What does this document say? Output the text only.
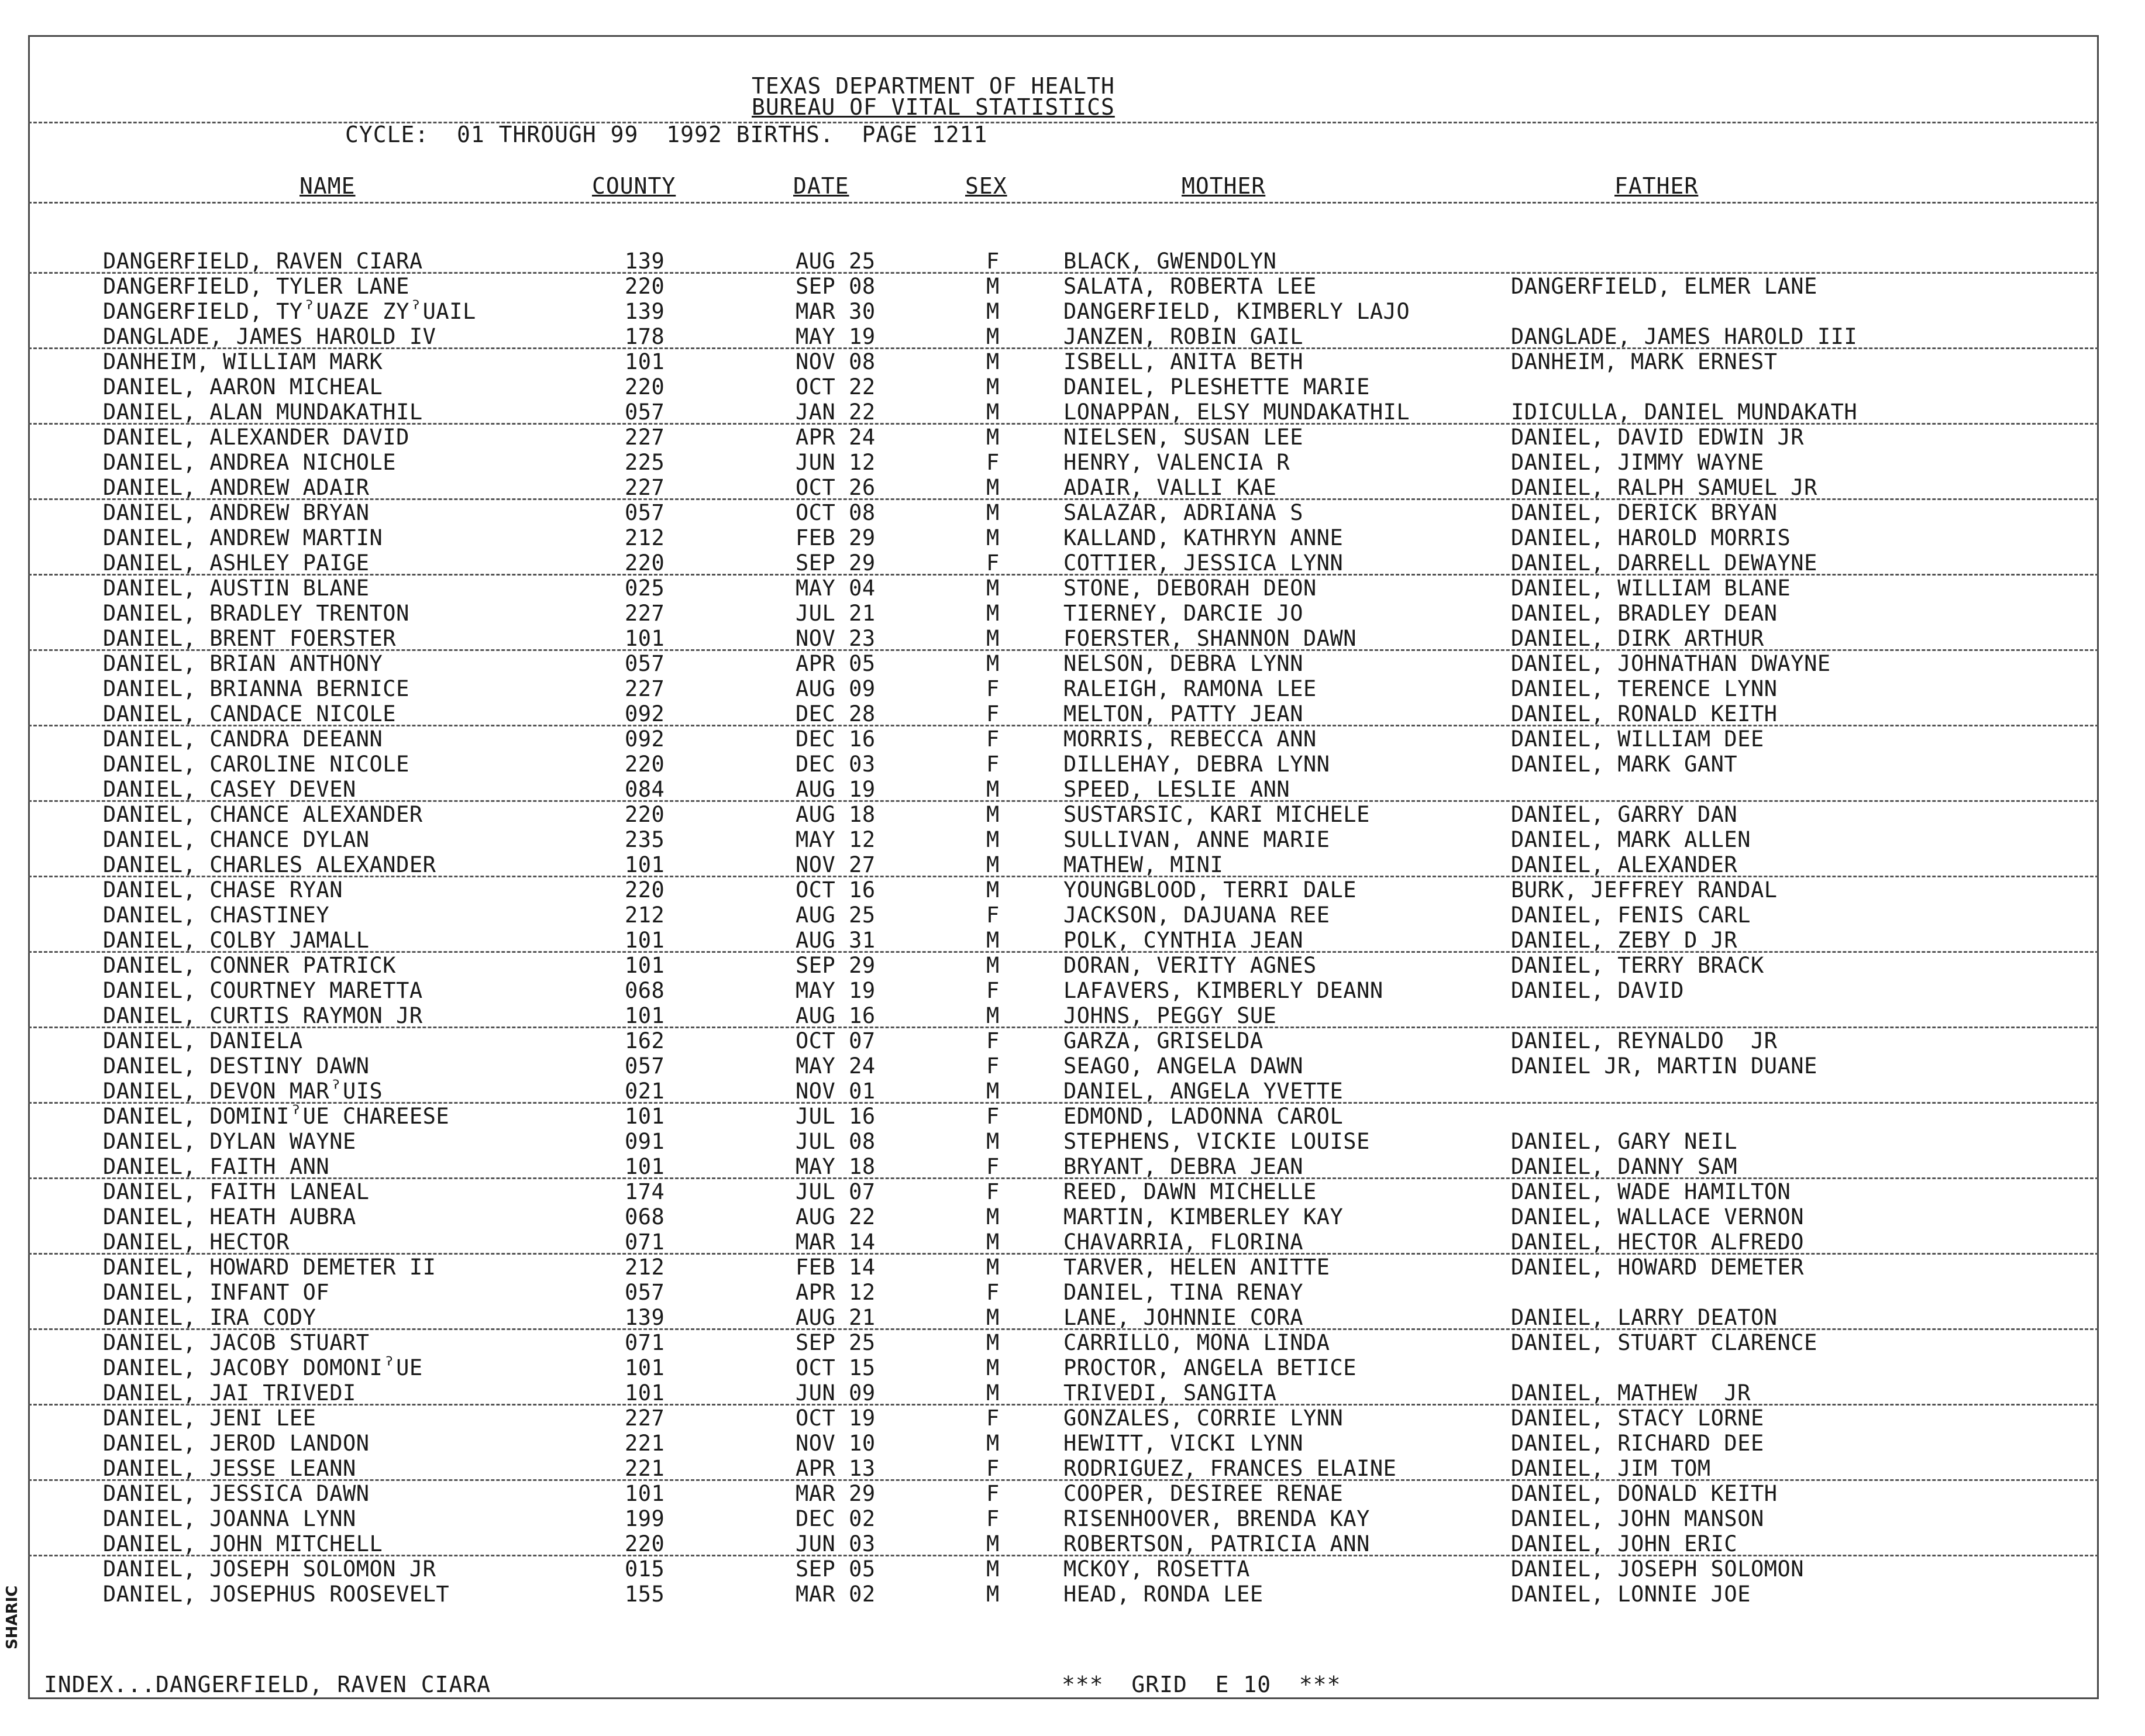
TEXAS DEPARTMENT OF HEALTH
BUREAU OF VITAL STATISTICS
CYCLE:  01 THROUGH 99  1992 BIRTHS.  PAGE 1211
NAME	COUNTY	DATE	SEX	MOTHER	FATHER
DANGERFIELD, RAVEN CIARA	139	AUG 25	F	BLACK, GWENDOLYN
DANGERFIELD, TYLER LANE	220	SEP 08	M	SALATA, ROBERTA LEE	DANGERFIELD, ELMER LANE
DANGERFIELD, TYˀUAZE ZYˀUAIL	139	MAR 30	M	DANGERFIELD, KIMBERLY LAJO
DANGLADE, JAMES HAROLD IV	178	MAY 19	M	JANZEN, ROBIN GAIL	DANGLADE, JAMES HAROLD III
DANHEIM, WILLIAM MARK	101	NOV 08	M	ISBELL, ANITA BETH	DANHEIM, MARK ERNEST
DANIEL, AARON MICHEAL	220	OCT 22	M	DANIEL, PLESHETTE MARIE
DANIEL, ALAN MUNDAKATHIL	057	JAN 22	M	LONAPPAN, ELSY MUNDAKATHIL	IDICULLA, DANIEL MUNDAKATH
DANIEL, ALEXANDER DAVID	227	APR 24	M	NIELSEN, SUSAN LEE	DANIEL, DAVID EDWIN JR
DANIEL, ANDREA NICHOLE	225	JUN 12	F	HENRY, VALENCIA R	DANIEL, JIMMY WAYNE
DANIEL, ANDREW ADAIR	227	OCT 26	M	ADAIR, VALLI KAE	DANIEL, RALPH SAMUEL JR
DANIEL, ANDREW BRYAN	057	OCT 08	M	SALAZAR, ADRIANA S	DANIEL, DERICK BRYAN
DANIEL, ANDREW MARTIN	212	FEB 29	M	KALLAND, KATHRYN ANNE	DANIEL, HAROLD MORRIS
DANIEL, ASHLEY PAIGE	220	SEP 29	F	COTTIER, JESSICA LYNN	DANIEL, DARRELL DEWAYNE
DANIEL, AUSTIN BLANE	025	MAY 04	M	STONE, DEBORAH DEON	DANIEL, WILLIAM BLANE
DANIEL, BRADLEY TRENTON	227	JUL 21	M	TIERNEY, DARCIE JO	DANIEL, BRADLEY DEAN
DANIEL, BRENT FOERSTER	101	NOV 23	M	FOERSTER, SHANNON DAWN	DANIEL, DIRK ARTHUR
DANIEL, BRIAN ANTHONY	057	APR 05	M	NELSON, DEBRA LYNN	DANIEL, JOHNATHAN DWAYNE
DANIEL, BRIANNA BERNICE	227	AUG 09	F	RALEIGH, RAMONA LEE	DANIEL, TERENCE LYNN
DANIEL, CANDACE NICOLE	092	DEC 28	F	MELTON, PATTY JEAN	DANIEL, RONALD KEITH
DANIEL, CANDRA DEEANN	092	DEC 16	F	MORRIS, REBECCA ANN	DANIEL, WILLIAM DEE
DANIEL, CAROLINE NICOLE	220	DEC 03	F	DILLEHAY, DEBRA LYNN	DANIEL, MARK GANT
DANIEL, CASEY DEVEN	084	AUG 19	M	SPEED, LESLIE ANN
DANIEL, CHANCE ALEXANDER	220	AUG 18	M	SUSTARSIC, KARI MICHELE	DANIEL, GARRY DAN
DANIEL, CHANCE DYLAN	235	MAY 12	M	SULLIVAN, ANNE MARIE	DANIEL, MARK ALLEN
DANIEL, CHARLES ALEXANDER	101	NOV 27	M	MATHEW, MINI	DANIEL, ALEXANDER
DANIEL, CHASE RYAN	220	OCT 16	M	YOUNGBLOOD, TERRI DALE	BURK, JEFFREY RANDAL
DANIEL, CHASTINEY	212	AUG 25	F	JACKSON, DAJUANA REE	DANIEL, FENIS CARL
DANIEL, COLBY JAMALL	101	AUG 31	M	POLK, CYNTHIA JEAN	DANIEL, ZEBY D JR
DANIEL, CONNER PATRICK	101	SEP 29	M	DORAN, VERITY AGNES	DANIEL, TERRY BRACK
DANIEL, COURTNEY MARETTA	068	MAY 19	F	LAFAVERS, KIMBERLY DEANN	DANIEL, DAVID
DANIEL, CURTIS RAYMON JR	101	AUG 16	M	JOHNS, PEGGY SUE
DANIEL, DANIELA	162	OCT 07	F	GARZA, GRISELDA	DANIEL, REYNALDO  JR
DANIEL, DESTINY DAWN	057	MAY 24	F	SEAGO, ANGELA DAWN	DANIEL JR, MARTIN DUANE
DANIEL, DEVON MARˀUIS	021	NOV 01	M	DANIEL, ANGELA YVETTE
DANIEL, DOMINIˀUE CHAREESE	101	JUL 16	F	EDMOND, LADONNA CAROL
DANIEL, DYLAN WAYNE	091	JUL 08	M	STEPHENS, VICKIE LOUISE	DANIEL, GARY NEIL
DANIEL, FAITH ANN	101	MAY 18	F	BRYANT, DEBRA JEAN	DANIEL, DANNY SAM
DANIEL, FAITH LANEAL	174	JUL 07	F	REED, DAWN MICHELLE	DANIEL, WADE HAMILTON
DANIEL, HEATH AUBRA	068	AUG 22	M	MARTIN, KIMBERLEY KAY	DANIEL, WALLACE VERNON
DANIEL, HECTOR	071	MAR 14	M	CHAVARRIA, FLORINA	DANIEL, HECTOR ALFREDO
DANIEL, HOWARD DEMETER II	212	FEB 14	M	TARVER, HELEN ANITTE	DANIEL, HOWARD DEMETER
DANIEL, INFANT OF	057	APR 12	F	DANIEL, TINA RENAY
DANIEL, IRA CODY	139	AUG 21	M	LANE, JOHNNIE CORA	DANIEL, LARRY DEATON
DANIEL, JACOB STUART	071	SEP 25	M	CARRILLO, MONA LINDA	DANIEL, STUART CLARENCE
DANIEL, JACOBY DOMONIˀUE	101	OCT 15	M	PROCTOR, ANGELA BETICE
DANIEL, JAI TRIVEDI	101	JUN 09	M	TRIVEDI, SANGITA	DANIEL, MATHEW  JR
DANIEL, JENI LEE	227	OCT 19	F	GONZALES, CORRIE LYNN	DANIEL, STACY LORNE
DANIEL, JEROD LANDON	221	NOV 10	M	HEWITT, VICKI LYNN	DANIEL, RICHARD DEE
DANIEL, JESSE LEANN	221	APR 13	F	RODRIGUEZ, FRANCES ELAINE	DANIEL, JIM TOM
DANIEL, JESSICA DAWN	101	MAR 29	F	COOPER, DESIREE RENAE	DANIEL, DONALD KEITH
DANIEL, JOANNA LYNN	199	DEC 02	F	RISENHOOVER, BRENDA KAY	DANIEL, JOHN MANSON
DANIEL, JOHN MITCHELL	220	JUN 03	M	ROBERTSON, PATRICIA ANN	DANIEL, JOHN ERIC
DANIEL, JOSEPH SOLOMON JR	015	SEP 05	M	MCKOY, ROSETTA	DANIEL, JOSEPH SOLOMON
DANIEL, JOSEPHUS ROOSEVELT	155	MAR 02	M	HEAD, RONDA LEE	DANIEL, LONNIE JOE
INDEX...DANGERFIELD, RAVEN CIARA	***  GRID  E 10  ***
SHARIC
